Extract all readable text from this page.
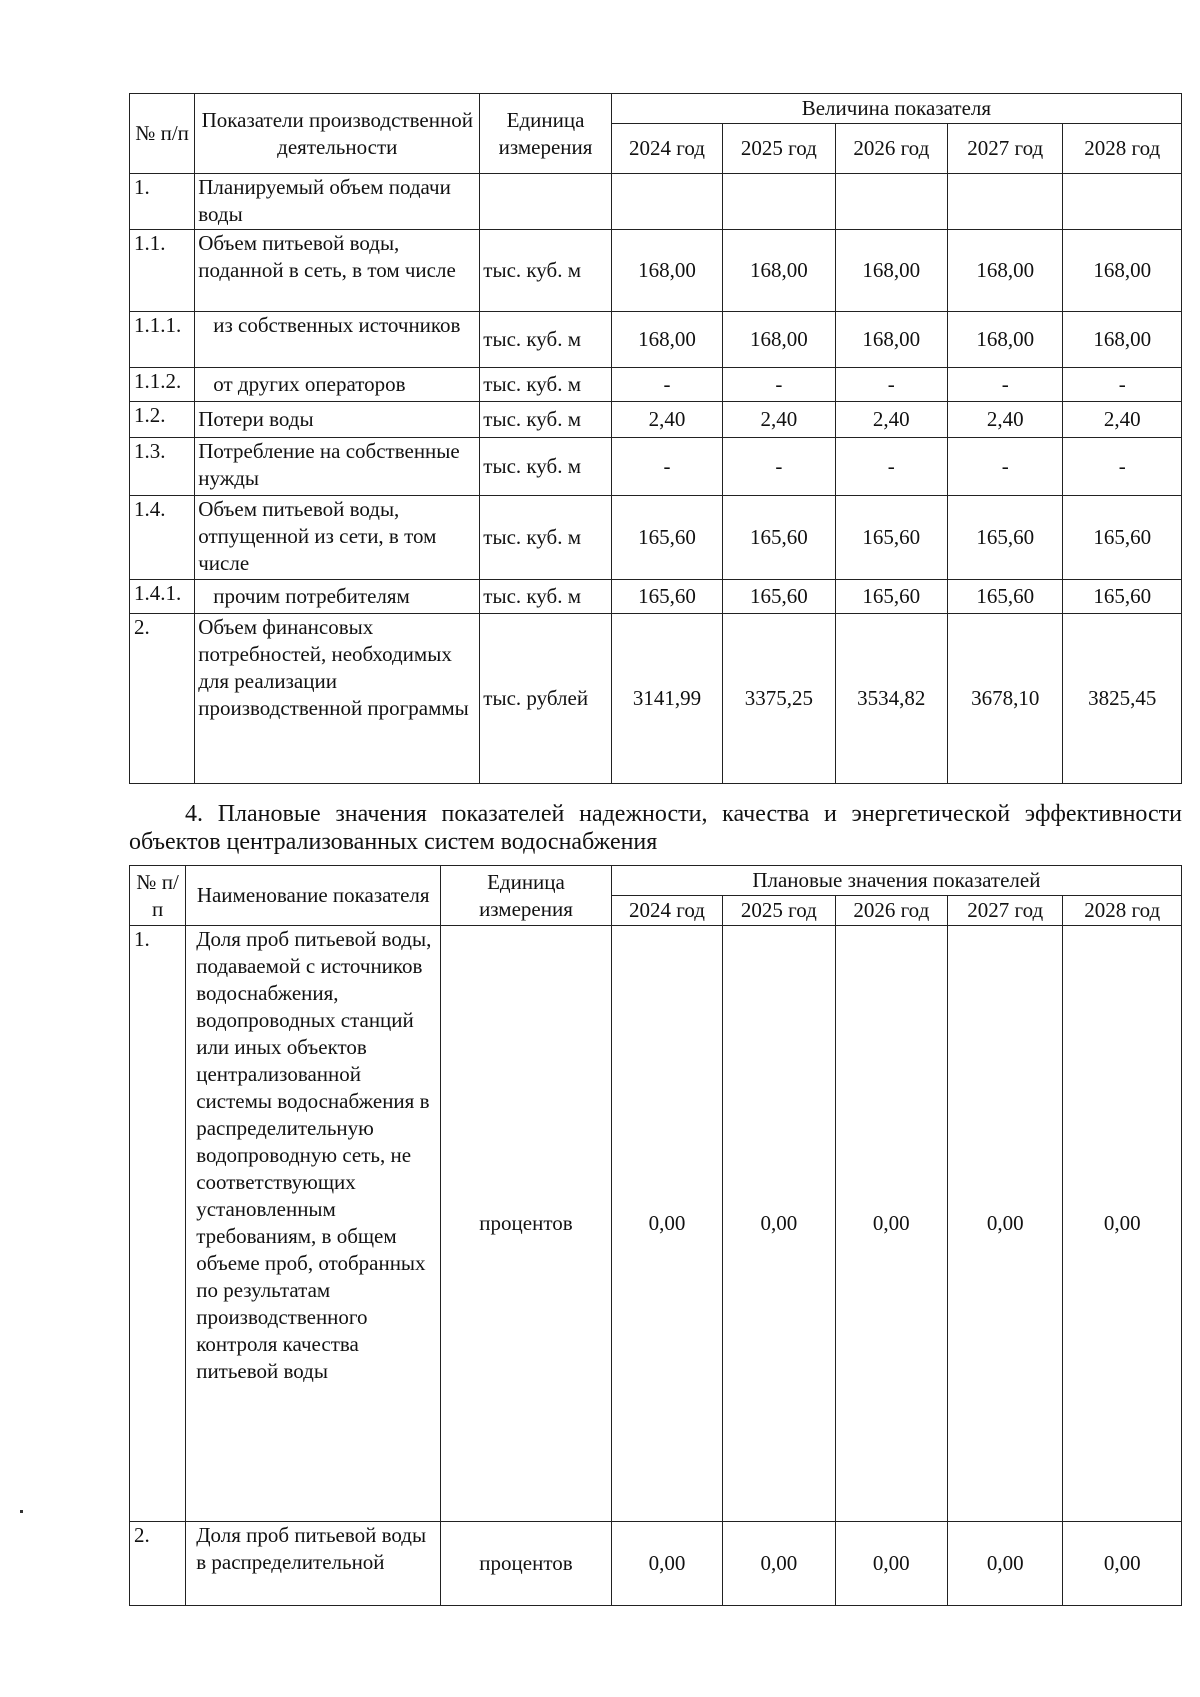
№ п/п	Показатели производственной деятельности	Единица измерения	Величина показателя				
			2024 год	2025 год	2026 год	2027 год	2028 год
1.	Планируемый объем подачи воды						
1.1.	Объем питьевой воды, поданной в сеть, в том числе	тыс. куб. м	168,00	168,00	168,00	168,00	168,00
1.1.1.	из собственных источников	тыс. куб. м	168,00	168,00	168,00	168,00	168,00
1.1.2.	от других операторов	тыс. куб. м	-	-	-	-	-
1.2.	Потери воды	тыс. куб. м	2,40	2,40	2,40	2,40	2,40
1.3.	Потребление на собственные нужды	тыс. куб. м	-	-	-	-	-
1.4.	Объем питьевой воды, отпущенной из сети, в том числе	тыс. куб. м	165,60	165,60	165,60	165,60	165,60
1.4.1.	прочим потребителям	тыс. куб. м	165,60	165,60	165,60	165,60	165,60
2.	Объем финансовых потребностей, необходимых для реализации производственной программы	тыс. рублей	3141,99	3375,25	3534,82	3678,10	3825,45
4. Плановые значения показателей надежности, качества и энергетической эффективности объектов централизованных систем водоснабжения
№ п/п	Наименование показателя	Единица измерения	Плановые значения показателей				
			2024 год	2025 год	2026 год	2027 год	2028 год
1.	Доля проб питьевой воды, подаваемой с источников водоснабжения, водопроводных станций или иных объектов централизованной системы водоснабжения в распределительную водопроводную сеть, не соответствующих установленным требованиям, в общем объеме проб, отобранных по результатам производственного контроля качества питьевой воды	процентов	0,00	0,00	0,00	0,00	0,00
2.	Доля проб питьевой воды в распределительной	процентов	0,00	0,00	0,00	0,00	0,00
